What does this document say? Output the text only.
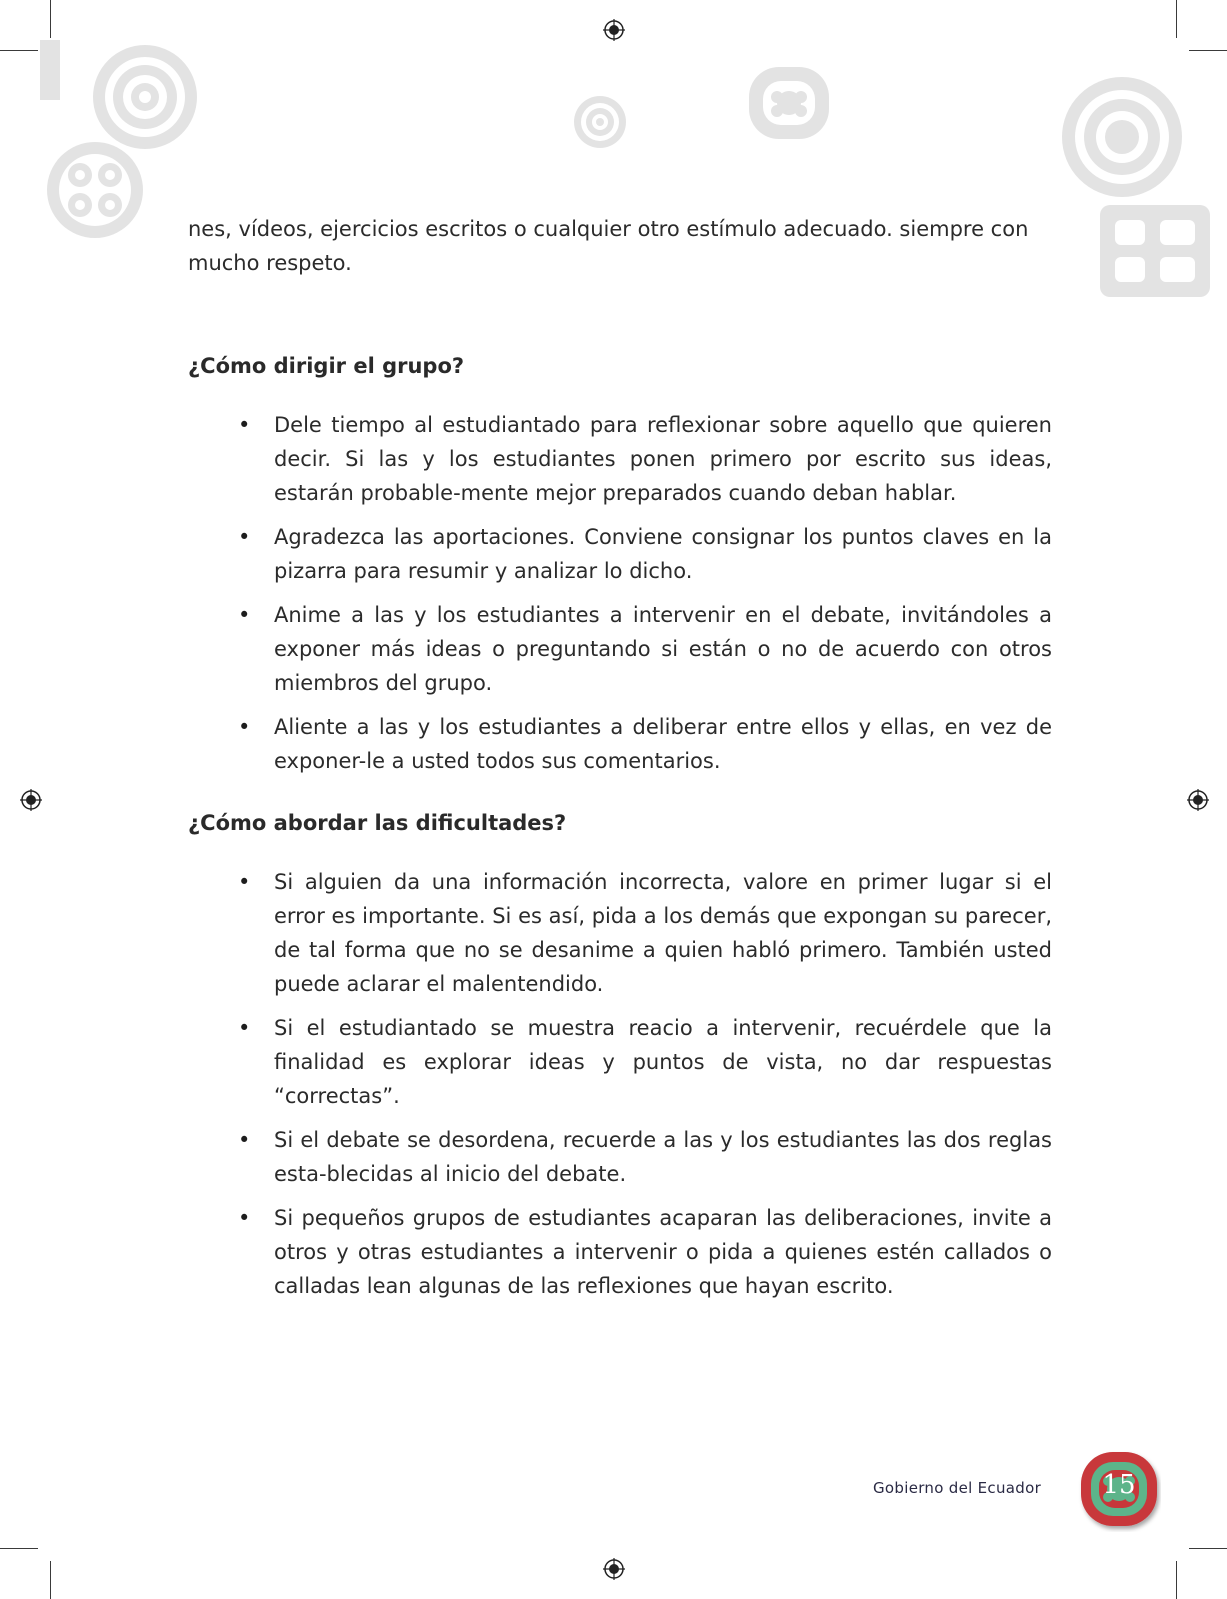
nes, vídeos, ejercicios escritos o cualquier otro estímulo adecuado. siempre con mucho respeto.

¿Cómo dirigir el grupo?
• Dele tiempo al estudiantado para reflexionar sobre aquello que quieren decir. Si las y los estudiantes ponen primero por escrito sus ideas, estarán probable-mente mejor preparados cuando deban hablar.
• Agradezca las aportaciones. Conviene consignar los puntos claves en la pizarra para resumir y analizar lo dicho.
• Anime a las y los estudiantes a intervenir en el debate, invitándoles a exponer más ideas o preguntando si están o no de acuerdo con otros miembros del grupo.
• Aliente a las y los estudiantes a deliberar entre ellos y ellas, en vez de exponer-le a usted todos sus comentarios.
¿Cómo abordar las dificultades?
• Si alguien da una información incorrecta, valore en primer lugar si el error es importante. Si es así, pida a los demás que expongan su parecer, de tal forma que no se desanime a quien habló primero. También usted puede aclarar el malentendido.
• Si el estudiantado se muestra reacio a intervenir, recuérdele que la finalidad es explorar ideas y puntos de vista, no dar respuestas “correctas”.
• Si el debate se desordena, recuerde a las y los estudiantes las dos reglas esta-blecidas al inicio del debate.
• Si pequeños grupos de estudiantes acaparan las deliberaciones, invite a otros y otras estudiantes a intervenir o pida a quienes estén callados o calladas lean algunas de las reflexiones que hayan escrito.
Gobierno del Ecuador	15
